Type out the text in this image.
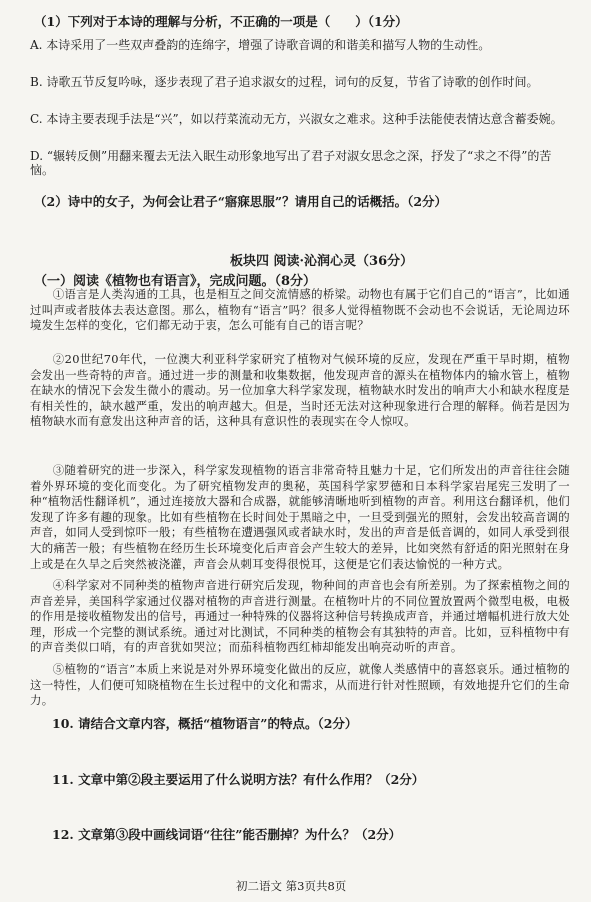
（1）下列对于本诗的理解与分析，不正确的一项是（　　）（1分）
A. 本诗采用了一些双声叠韵的连绵字，增强了诗歌音调的和谐美和描写人物的生动性。
B. 诗歌五节反复吟咏，逐步表现了君子追求淑女的过程，词句的反复，节省了诗歌的创作时间。
C. 本诗主要表现手法是“兴”，如以荇菜流动无方，兴淑女之难求。这种手法能使表情达意含蓄委婉。
D. “辗转反侧”用翻来覆去无法入眠生动形象地写出了君子对淑女思念之深，抒发了“求之不得”的苦恼。
（2）诗中的女子，为何会让君子“寤寐思服”？请用自己的话概括。（2分）
板块四 阅读·沁润心灵（36分）
（一）阅读《植物也有语言》，完成问题。（8分）
①语言是人类沟通的工具，也是相互之间交流情感的桥梁。动物也有属于它们自己的“语言”，比如通过叫声或者肢体去表达意图。那么，植物有“语言”吗？很多人觉得植物既不会动也不会说话，无论周边环境发生怎样的变化，它们都无动于衷，怎么可能有自己的语言呢？
②20世纪70年代，一位澳大利亚科学家研究了植物对气候环境的反应，发现在严重干旱时期，植物会发出一些奇特的声音。通过进一步的测量和收集数据，他发现声音的源头在植物体内的输水管上，植物在缺水的情况下会发生微小的震动。另一位加拿大科学家发现，植物缺水时发出的响声大小和缺水程度是有相关性的，缺水越严重，发出的响声越大。但是，当时还无法对这种现象进行合理的解释。倘若是因为植物缺水而有意发出这种声音的话，这种具有意识性的表现实在令人惊叹。
③随着研究的进一步深入，科学家发现植物的语言非常奇特且魅力十足，它们所发出的声音往往会随着外界环境的变化而变化。为了研究植物发声的奥秘，英国科学家罗德和日本科学家岩尾宪三发明了一种“植物活性翻译机”，通过连接放大器和合成器，就能够清晰地听到植物的声音。利用这台翻译机，他们发现了许多有趣的现象。比如有些植物在长时间处于黑暗之中，一旦受到强光的照射，会发出较高音调的声音，如同人受到惊吓一般；有些植物在遭遇强风或者缺水时，发出的声音是低音调的，如同人承受到很大的痛苦一般；有些植物在经历生长环境变化后声音会产生较大的差异，比如突然有舒适的阳光照射在身上或是在久旱之后突然被浇灌，声音会从刺耳变得很悦耳，这便是它们表达愉悦的一种方式。
④科学家对不同种类的植物声音进行研究后发现，物种间的声音也会有所差别。为了探索植物之间的声音差异，美国科学家通过仪器对植物的声音进行测量。在植物叶片的不同位置放置两个微型电极，电极的作用是接收植物发出的信号，再通过一种特殊的仪器将这种信号转换成声音，并通过增幅机进行放大处理，形成一个完整的测试系统。通过对比测试，不同种类的植物会有其独特的声音。比如，豆科植物中有的声音类似口哨，有的声音犹如哭泣；而茄科植物西红柿却能发出响亮动听的声音。
⑤植物的“语言”本质上来说是对外界环境变化做出的反应，就像人类感情中的喜怒哀乐。通过植物的这一特性，人们便可知晓植物在生长过程中的文化和需求，从而进行针对性照顾，有效地提升它们的生命力。
10. 请结合文章内容，概括“植物语言”的特点。（2分）
11. 文章中第②段主要运用了什么说明方法？有什么作用？（2分）
12. 文章第③段中画线词语“往往”能否删掉？为什么？（2分）
初二语文 第3页共8页
